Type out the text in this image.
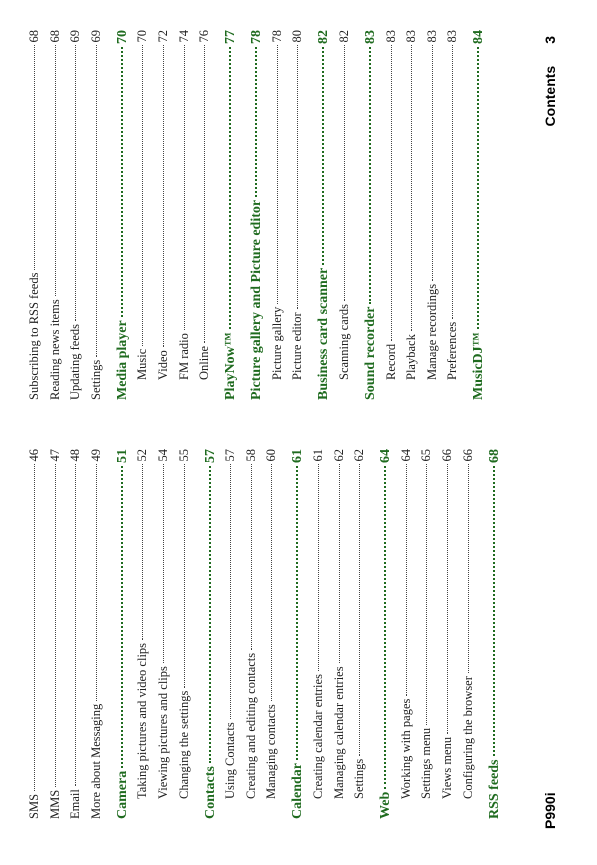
SMS
46
MMS
47
Email
48
More about Messaging
49
Camera
51
Taking pictures and video clips
52
Viewing pictures and clips
54
Changing the settings
55
Contacts
57
Using Contacts
57
Creating and editing contacts
58
Managing contacts
60
Calendar
61
Creating calendar entries
61
Managing calendar entries
62
Settings
62
Web
64
Working with pages
64
Settings menu
65
Views menu
66
Configuring the browser
66
RSS feeds
68
Subscribing to RSS feeds
68
Reading news items
68
Updating feeds
69
Settings
69
Media player
70
Music
70
Video
72
FM radio
74
Online
76
PlayNow™
77
Picture gallery and Picture editor
78
Picture gallery
78
Picture editor
80
Business card scanner
82
Scanning cards
82
Sound recorder
83
Record
83
Playback
83
Manage recordings
83
Preferences
83
MusicDJ™
84
P990i
Contents3
